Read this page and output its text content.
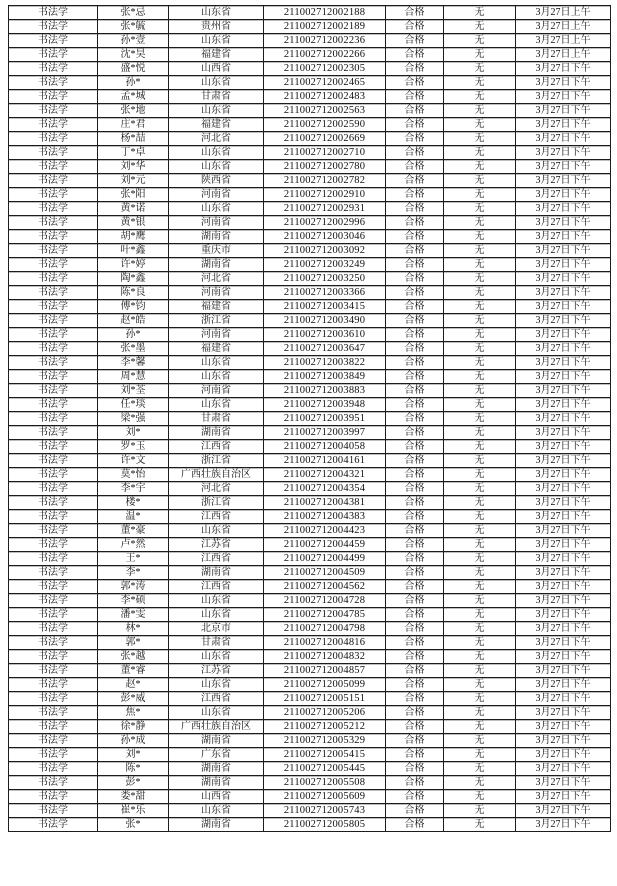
书法学	张*忌	山东省	211002712002188	合格	无	3月27日上午
书法学	张*毓	贵州省	211002712002189	合格	无	3月27日上午
书法学	孙*壹	山东省	211002712002236	合格	无	3月27日上午
书法学	沈*昊	福建省	211002712002266	合格	无	3月27日上午
书法学	盛*悦	山西省	211002712002305	合格	无	3月27日下午
书法学	孙*	山东省	211002712002465	合格	无	3月27日下午
书法学	孟*城	甘肃省	211002712002483	合格	无	3月27日下午
书法学	张*地	山东省	211002712002563	合格	无	3月27日下午
书法学	庄*君	福建省	211002712002590	合格	无	3月27日下午
书法学	杨*喆	河北省	211002712002669	合格	无	3月27日下午
书法学	丁*卓	山东省	211002712002710	合格	无	3月27日下午
书法学	刘*华	山东省	211002712002780	合格	无	3月27日下午
书法学	刘*元	陕西省	211002712002782	合格	无	3月27日下午
书法学	张*阳	河南省	211002712002910	合格	无	3月27日下午
书法学	黄*诺	山东省	211002712002931	合格	无	3月27日下午
书法学	黄*银	河南省	211002712002996	合格	无	3月27日下午
书法学	胡*鹰	湖南省	211002712003046	合格	无	3月27日下午
书法学	叶*鑫	重庆市	211002712003092	合格	无	3月27日下午
书法学	许*婷	湖南省	211002712003249	合格	无	3月27日下午
书法学	陶*鑫	河北省	211002712003250	合格	无	3月27日下午
书法学	陈*良	河南省	211002712003366	合格	无	3月27日下午
书法学	傅*钧	福建省	211002712003415	合格	无	3月27日下午
书法学	赵*皓	浙江省	211002712003490	合格	无	3月27日下午
书法学	孙*	河南省	211002712003610	合格	无	3月27日下午
书法学	张*墨	福建省	211002712003647	合格	无	3月27日下午
书法学	李*馨	山东省	211002712003822	合格	无	3月27日下午
书法学	周*慧	山东省	211002712003849	合格	无	3月27日下午
书法学	刘*荃	河南省	211002712003883	合格	无	3月27日下午
书法学	任*琰	山东省	211002712003948	合格	无	3月27日下午
书法学	梁*强	甘肃省	211002712003951	合格	无	3月27日下午
书法学	刘*	湖南省	211002712003997	合格	无	3月27日下午
书法学	罗*玉	江西省	211002712004058	合格	无	3月27日下午
书法学	许*文	浙江省	211002712004161	合格	无	3月27日下午
书法学	莫*怡	广西壮族自治区	211002712004321	合格	无	3月27日下午
书法学	李*宇	河北省	211002712004354	合格	无	3月27日下午
书法学	楼*	浙江省	211002712004381	合格	无	3月27日下午
书法学	温*	江西省	211002712004383	合格	无	3月27日下午
书法学	董*豪	山东省	211002712004423	合格	无	3月27日下午
书法学	卢*然	江苏省	211002712004459	合格	无	3月27日下午
书法学	王*	江西省	211002712004499	合格	无	3月27日下午
书法学	李*	湖南省	211002712004509	合格	无	3月27日下午
书法学	郭*涛	江西省	211002712004562	合格	无	3月27日下午
书法学	李*硕	山东省	211002712004728	合格	无	3月27日下午
书法学	潘*雯	山东省	211002712004785	合格	无	3月27日下午
书法学	林*	北京市	211002712004798	合格	无	3月27日下午
书法学	郭*	甘肃省	211002712004816	合格	无	3月27日下午
书法学	张*越	山东省	211002712004832	合格	无	3月27日下午
书法学	董*睿	江苏省	211002712004857	合格	无	3月27日下午
书法学	赵*	山东省	211002712005099	合格	无	3月27日下午
书法学	彭*威	江西省	211002712005151	合格	无	3月27日下午
书法学	焦*	山东省	211002712005206	合格	无	3月27日下午
书法学	徐*静	广西壮族自治区	211002712005212	合格	无	3月27日下午
书法学	孙*成	湖南省	211002712005329	合格	无	3月27日下午
书法学	刘*	广东省	211002712005415	合格	无	3月27日下午
书法学	陈*	湖南省	211002712005445	合格	无	3月27日下午
书法学	彭*	湖南省	211002712005508	合格	无	3月27日下午
书法学	娄*甜	山西省	211002712005609	合格	无	3月27日下午
书法学	崔*乐	山东省	211002712005743	合格	无	3月27日下午
书法学	张*	湖南省	211002712005805	合格	无	3月27日下午
